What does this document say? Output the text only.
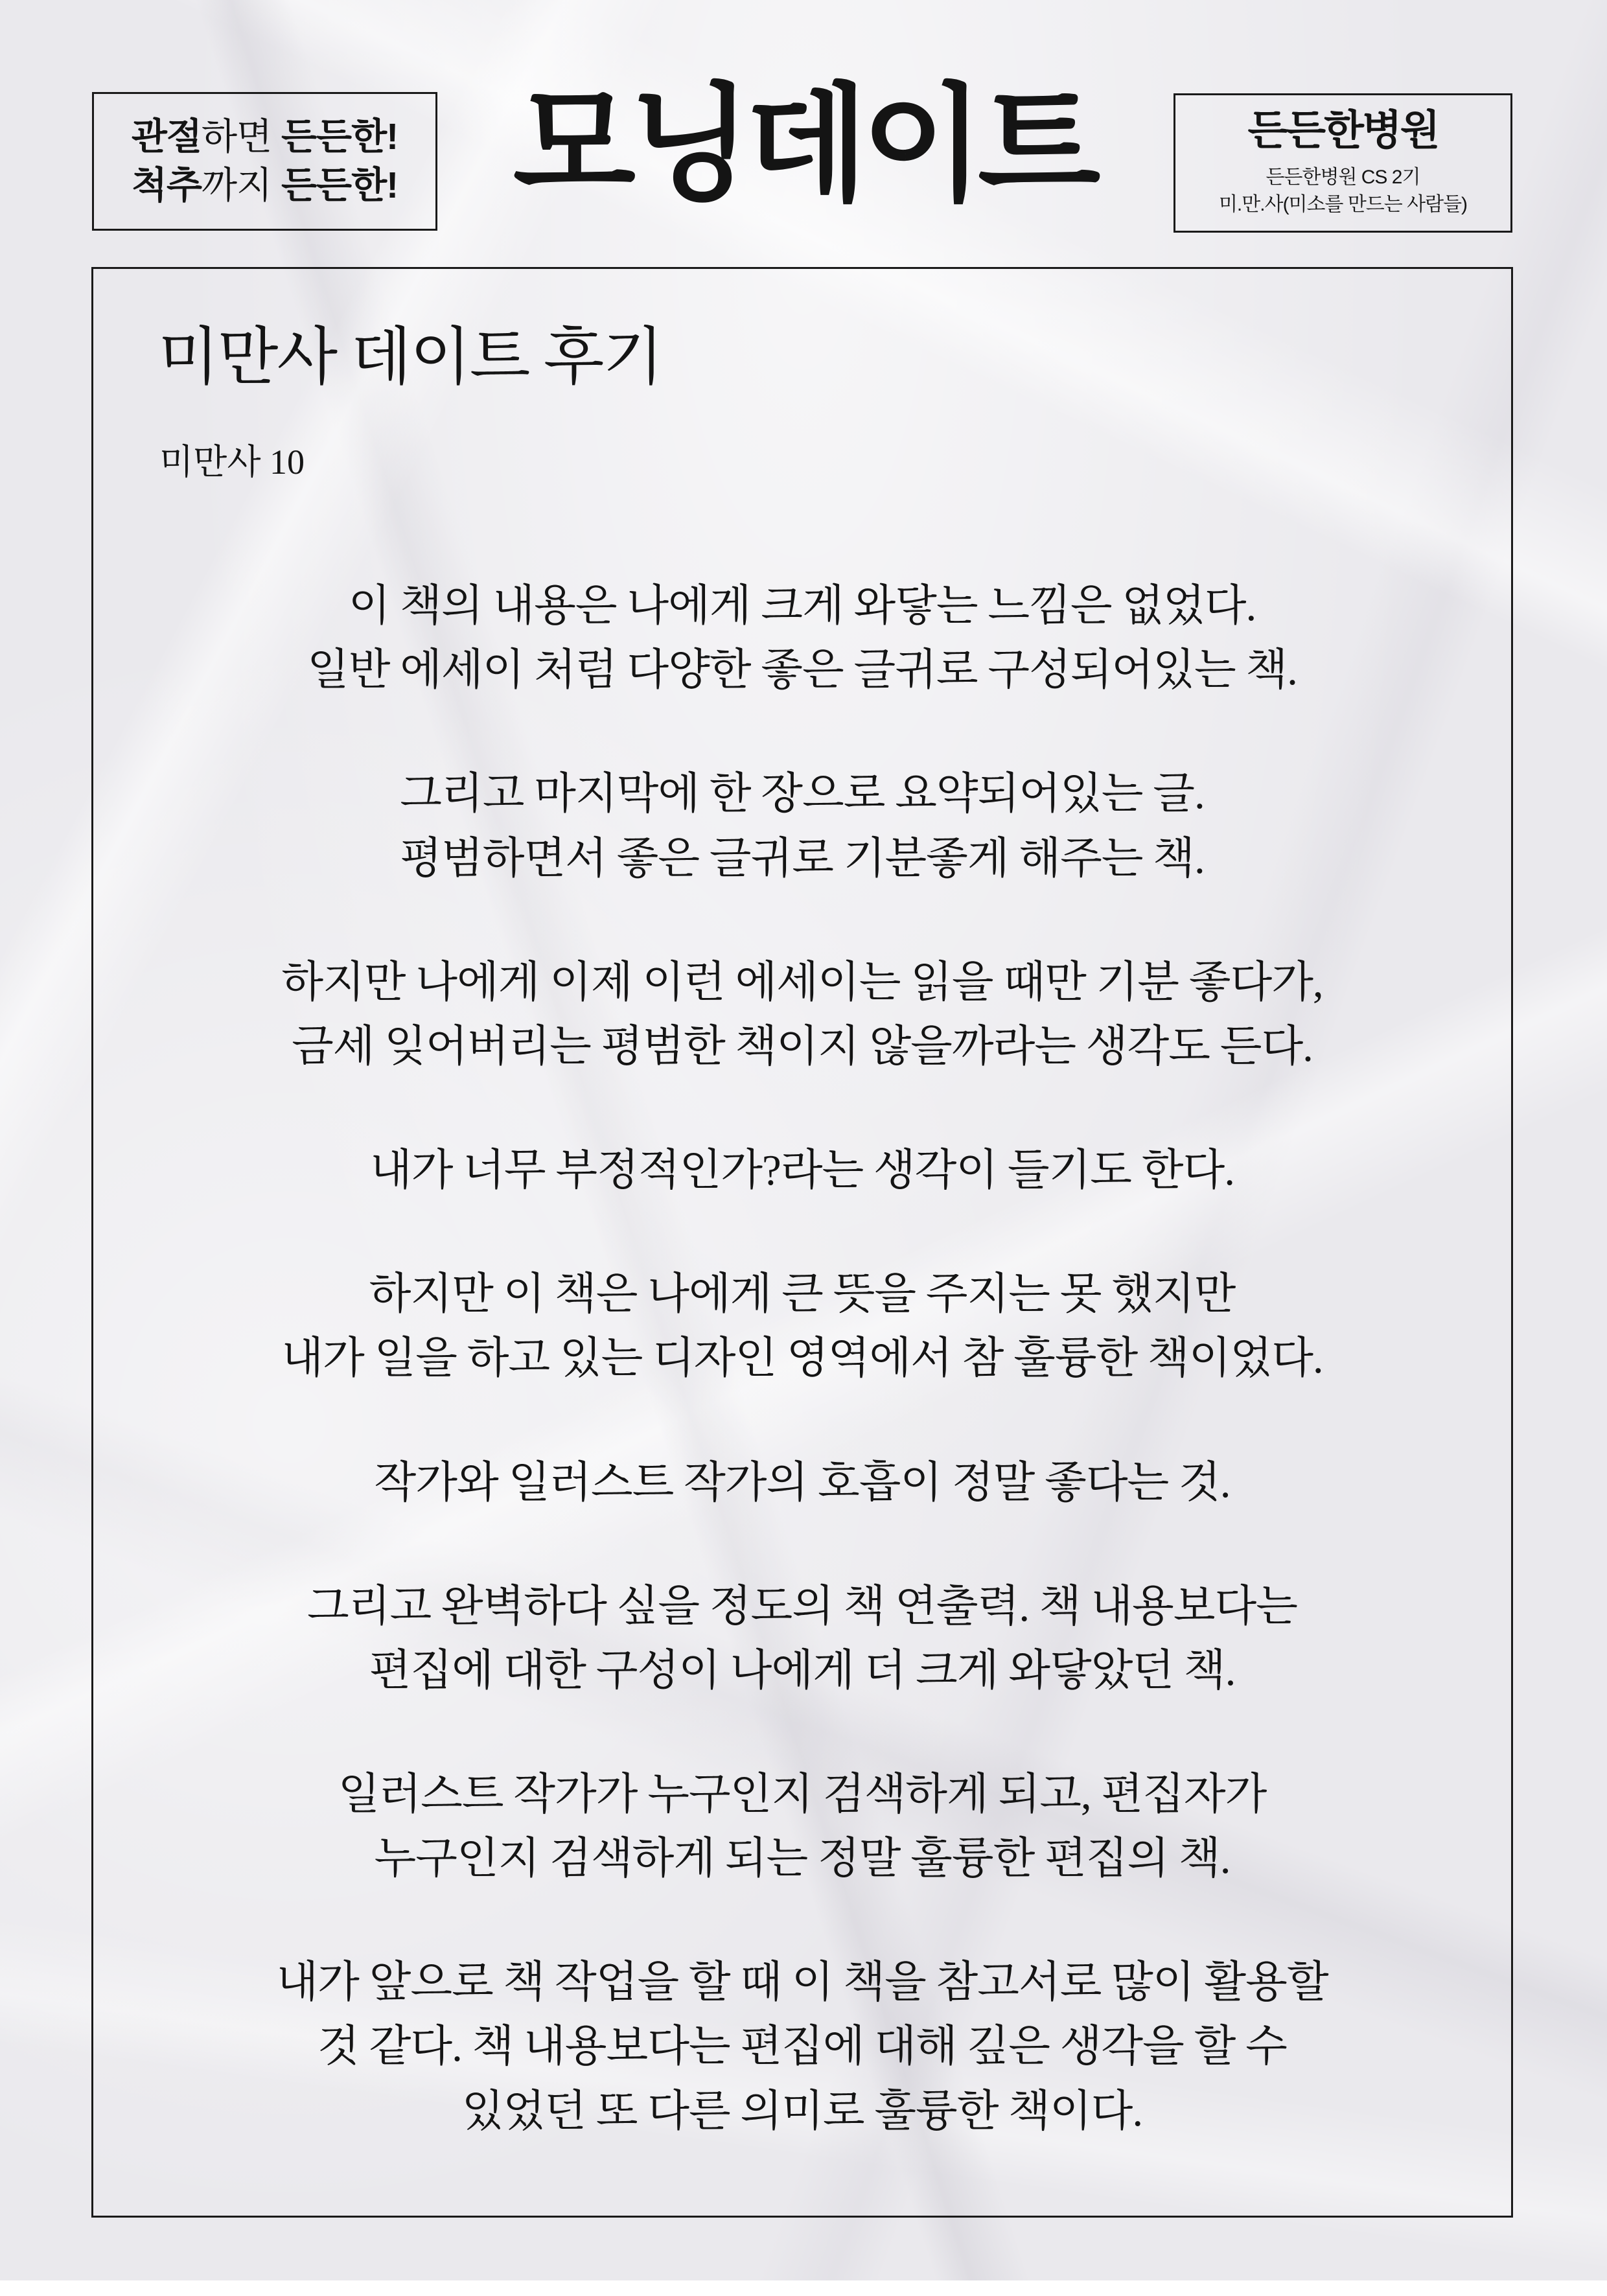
관절하면 든든한!
척추까지 든든한! 모닝데이트	든든한병원
든든한병원 CS 2기
미.만.사(미소를 만드는 사람들)
미만사 데이트 후기
미만사 10

이 책의 내용은 나에게 크게 와닿는 느낌은 없었다.
일반 에세이 처럼 다양한 좋은 글귀로 구성되어있는 책.

그리고 마지막에 한 장으로 요약되어있는 글.
평범하면서 좋은 글귀로 기분좋게 해주는 책.

하지만 나에게 이제 이런 에세이는 읽을 때만 기분 좋다가,
금세 잊어버리는 평범한 책이지 않을까라는 생각도 든다.

내가 너무 부정적인가?라는 생각이 들기도 한다.

하지만 이 책은 나에게 큰 뜻을 주지는 못 했지만
내가 일을 하고 있는 디자인 영역에서 참 훌륭한 책이었다.

작가와 일러스트 작가의 호흡이 정말 좋다는 것.

그리고 완벽하다 싶을 정도의 책 연출력. 책 내용보다는
편집에 대한 구성이 나에게 더 크게 와닿았던 책.

일러스트 작가가 누구인지 검색하게 되고, 편집자가
누구인지 검색하게 되는 정말 훌륭한 편집의 책.

내가 앞으로 책 작업을 할 때 이 책을 참고서로 많이 활용할
것 같다. 책 내용보다는 편집에 대해 깊은 생각을 할 수
있었던 또 다른 의미로 훌륭한 책이다.
